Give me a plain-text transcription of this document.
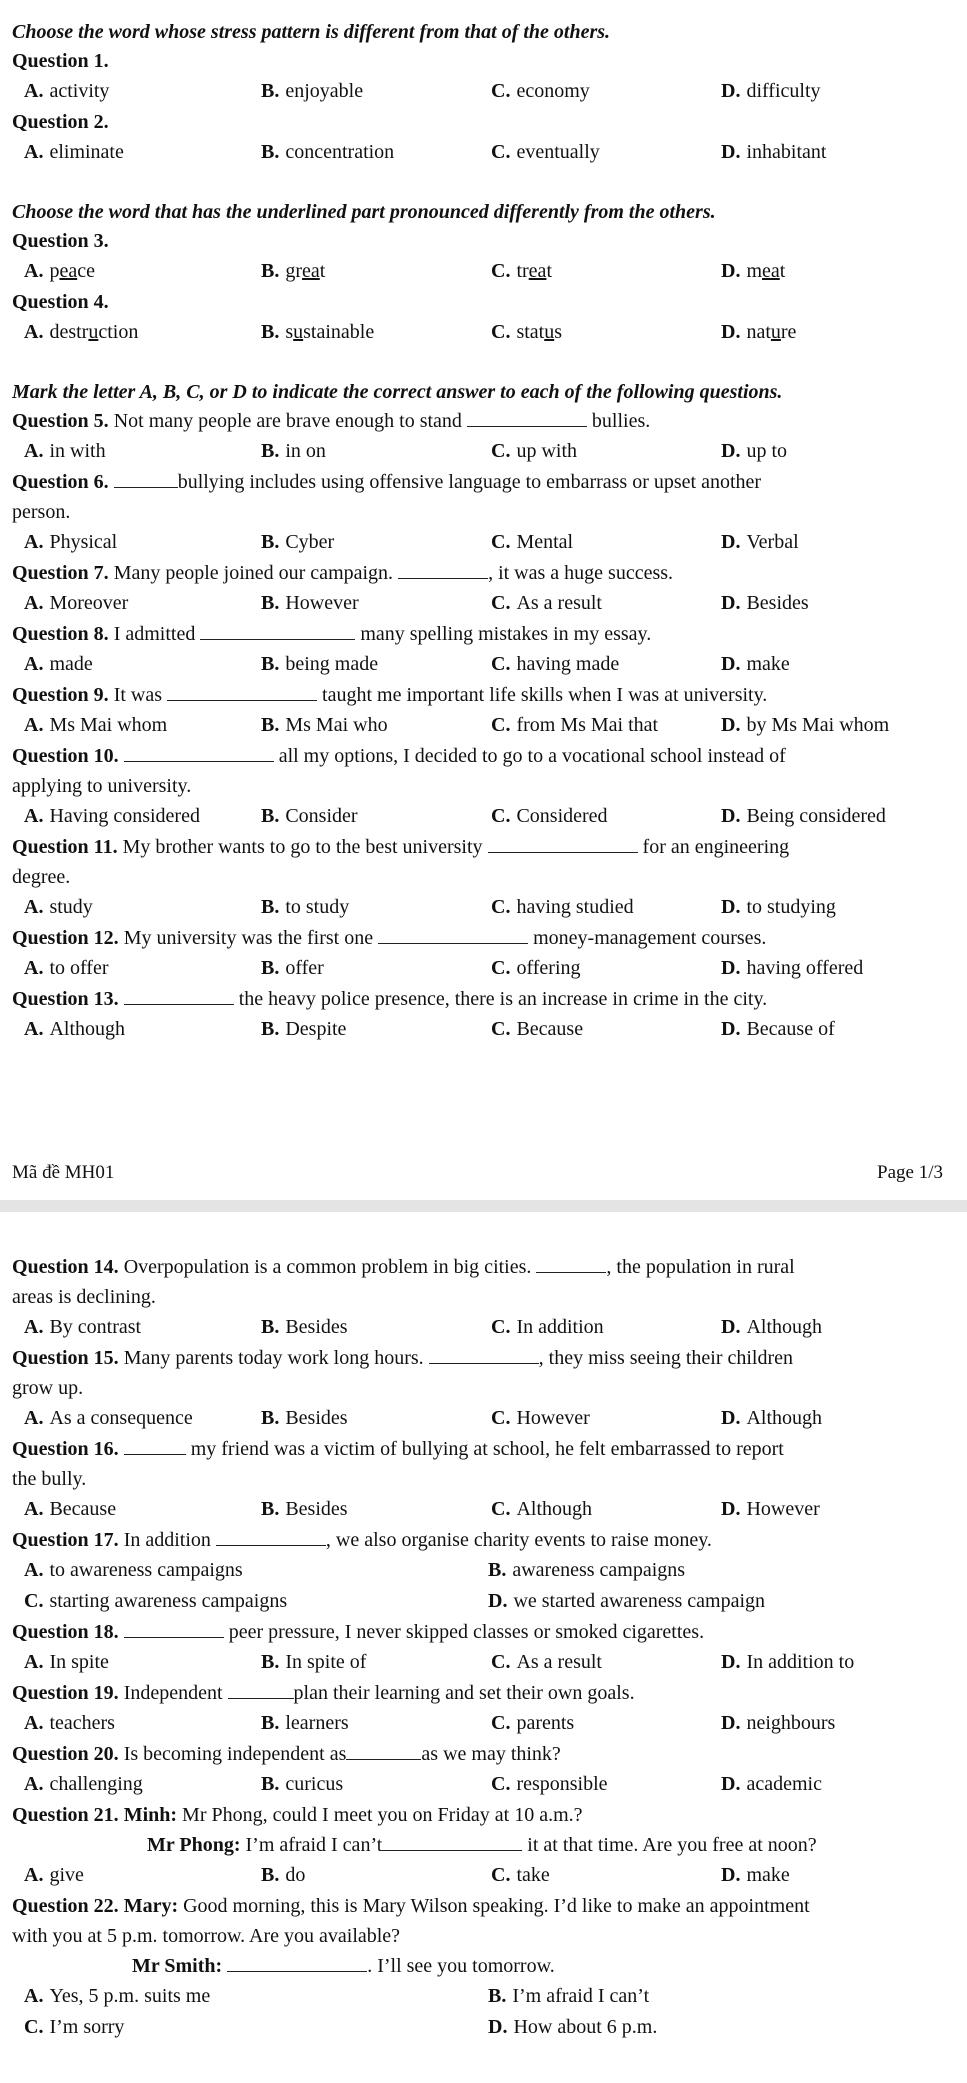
Choose the word whose stress pattern is different from that of the others.

Question 1.

A. activity	B. enjoyable	C. economy	D. difficulty

Question 2.

A. eliminate	B. concentration	C. eventually	D. inhabitant

Choose the word that has the underlined part pronounced differently from the others.

Question 3.

A. peace	B. great	C. treat	D. meat

Question 4.

A. destruction	B. sustainable	C. status	D. nature

Mark the letter A, B, C, or D to indicate the correct answer to each of the following questions.

Question 5. Not many people are brave enough to stand	bullies.

A. in with	B. in on	C. up with	D. up to

Question 6.	bullying includes using offensive language to embarrass or upset another
person.

A. Physical	B. Cyber	C. Mental	D. Verbal

Question 7. Many people joined our campaign.	, it was a huge success.

A. Moreover	B. However	C. As a result	D. Besides

Question 8. I admitted	many spelling mistakes in my essay.

A. made	B. being made	C. having made	D. make

Question 9. It was	taught me important life skills when I was at university.

A. Ms Mai whom	B. Ms Mai who	C. from Ms Mai that	D. by Ms Mai whom

Question 10.	all my options, I decided to go to a vocational school instead of
applying to university.

A. Having considered	B. Consider	C. Considered	D. Being considered

Question 11. My brother wants to go to the best university	for an engineering
degree.

A. study	B. to study	C. having studied	D. to studying

Question 12. My university was the first one	money-management courses.

A. to offer	B. offer	C. offering	D. having offered

Question 13.	the heavy police presence, there is an increase in crime in the city.

A. Although	B. Despite	C. Because	D. Because of
Mã đề MH01	Page 1/3

Question 14. Overpopulation is a common problem in big cities.	, the population in rural
areas is declining.

A. By contrast	B. Besides	C. In addition	D. Although

Question 15. Many parents today work long hours.	, they miss seeing their children
grow up.

A. As a consequence	B. Besides	C. However	D. Although

Question 16.	my friend was a victim of bullying at school, he felt embarrassed to report
the bully.

A. Because	B. Besides	C. Although	D. However

Question 17. In addition	, we also organise charity events to raise money.

A. to awareness campaigns	B. awareness campaigns
C. starting awareness campaigns	D. we started awareness campaign

Question 18.	peer pressure, I never skipped classes or smoked cigarettes.

A. In spite	B. In spite of	C. As a result	D. In addition to

Question 19. Independent	plan their learning and set their own goals.

A. teachers	B. learners	C. parents	D. neighbours

Question 20. Is becoming independent as	as we may think?

A. challenging	B. curicus	C. responsible	D. academic

Question 21. Minh: Mr Phong, could I meet you on Friday at 10 a.m.?

Mr Phong: I’m afraid I can’t	it at that time. Are you free at noon?

A. give	B. do	C. take	D. make

Question 22. Mary: Good morning, this is Mary Wilson speaking. I’d like to make an appointment
with you at 5 p.m. tomorrow. Are you available?

Mr Smith:	. I’ll see you tomorrow.

A. Yes, 5 p.m. suits me	B. I’m afraid I can’t
C. I’m sorry	D. How about 6 p.m.
